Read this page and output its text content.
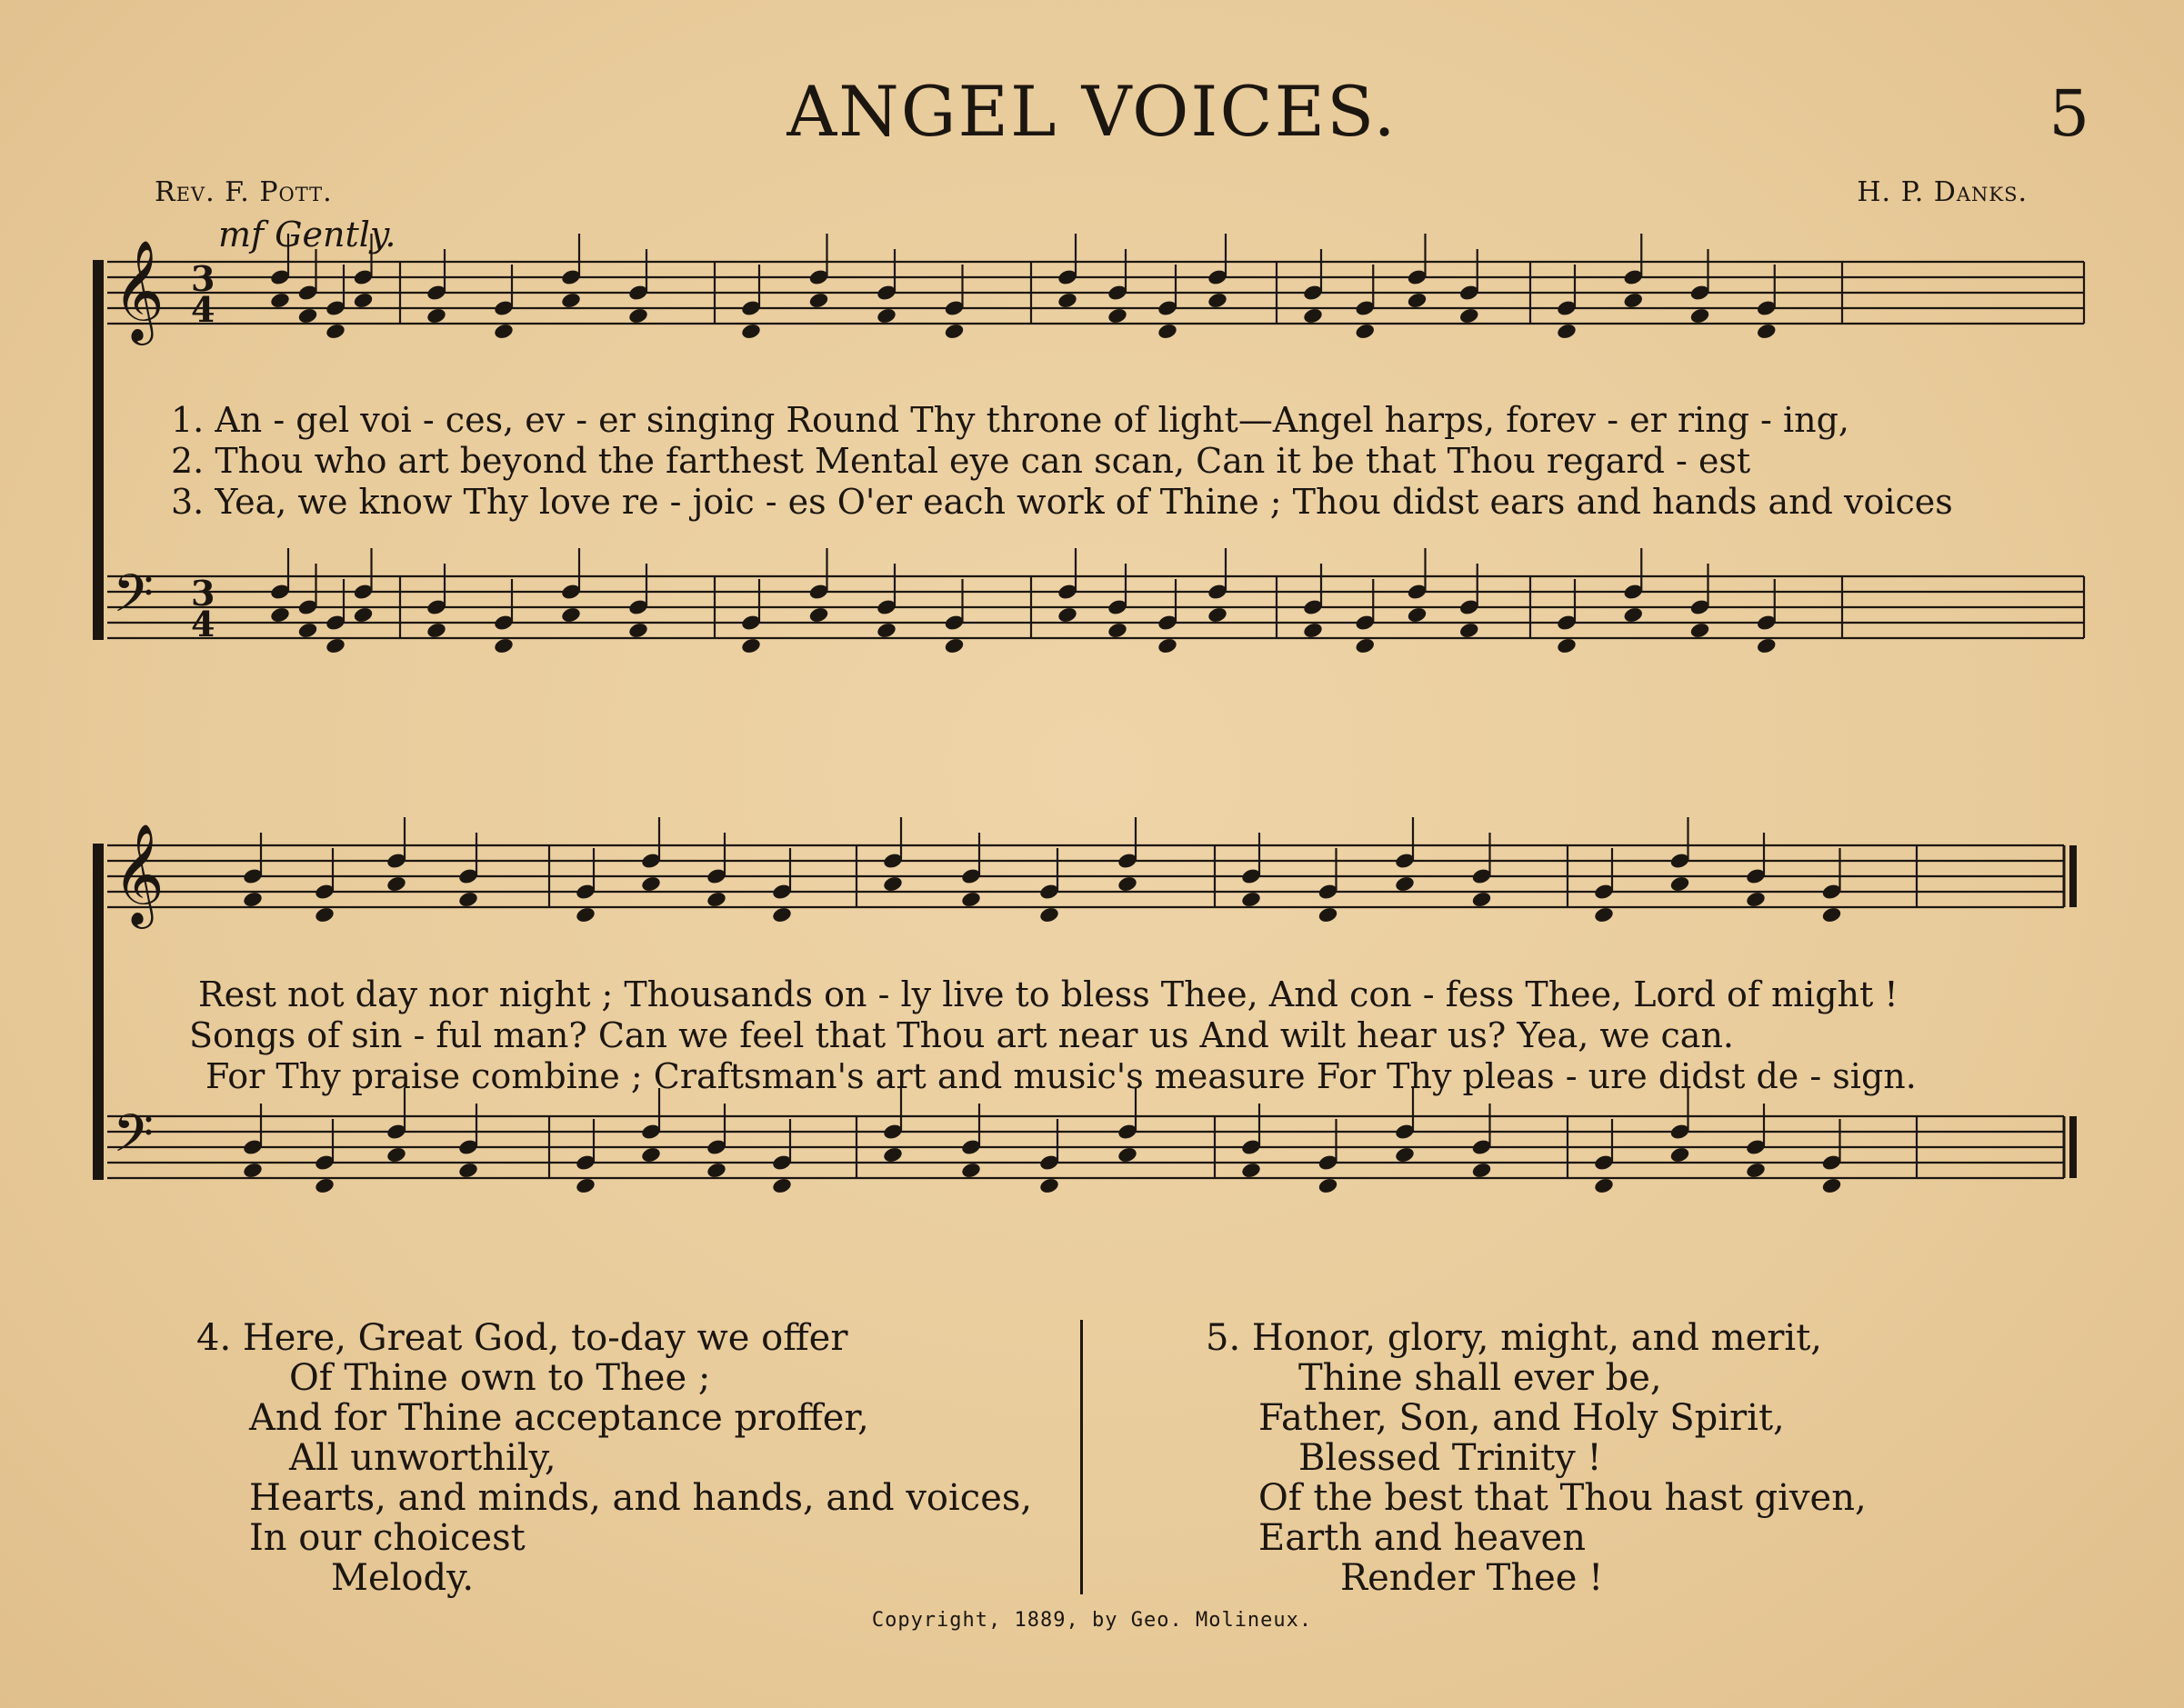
ANGEL VOICES.	5
Rev. F. Pott.	H. P. Danks.
mf Gently.
𝄞 3
4
𝄢 3
4
𝄞
𝄢
1. An - gel voi - ces, ev - er singing Round Thy throne of light—Angel harps, forev - er ring - ing,
2. Thou who art beyond the farthest Mental eye can scan, Can it be that Thou regard - est
3. Yea, we know Thy love re - joic - es O'er each work of Thine ; Thou didst ears and hands and voices
Rest not day nor night ; Thousands on - ly live to bless Thee, And con - fess Thee, Lord of might !
Songs of sin - ful man? Can we feel that Thou art near us And wilt hear us? Yea, we can.
For Thy praise combine ; Craftsman's art and music's measure For Thy pleas - ure didst de - sign.
4. Here, Great God, to-day we offer
Of Thine own to Thee ;
And for Thine acceptance proffer,
All unworthily,
Hearts, and minds, and hands, and voices,
In our choicest
Melody.
5. Honor, glory, might, and merit,
Thine shall ever be,
Father, Son, and Holy Spirit,
Blessed Trinity !
Of the best that Thou hast given,
Earth and heaven
Render Thee !
Copyright, 1889, by Geo. Molineux.
